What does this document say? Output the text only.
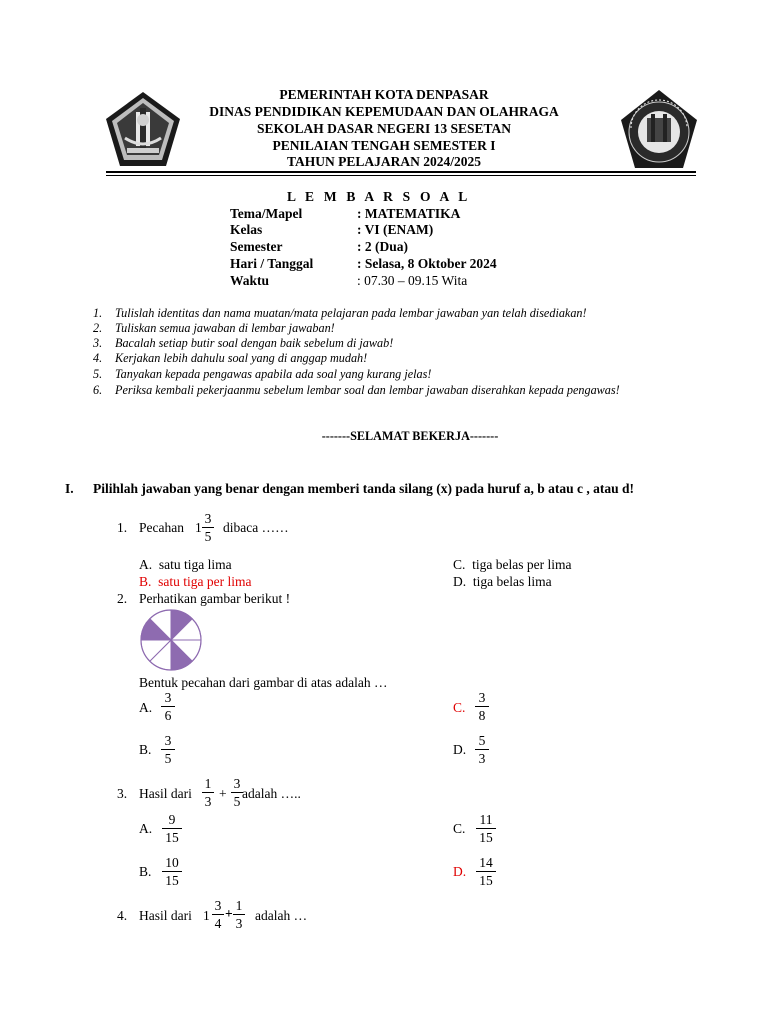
PEMERINTAH KOTA DENPASAR
DINAS PENDIDIKAN KEPEMUDAAN DAN OLAHRAGA
SEKOLAH DASAR NEGERI 13 SESETAN
PENILAIAN TENGAH SEMESTER I
TAHUN PELAJARAN 2024/2025
L E M B A R S O A L
Tema/Mapel	: MATEMATIKA
Kelas	: VI (ENAM)
Semester	: 2 (Dua)
Hari / Tanggal	: Selasa, 8 Oktober 2024
Waktu	: 07.30 – 09.15 Wita
1. Tulislah identitas dan nama muatan/mata pelajaran pada lembar jawaban yan telah disediakan!
2. Tuliskan semua jawaban di lembar jawaban!
3. Bacalah setiap butir soal dengan baik sebelum di jawab!
4. Kerjakan lebih dahulu soal yang di anggap mudah!
5. Tanyakan kepada pengawas apabila ada soal yang kurang jelas!
6. Periksa kembali pekerjaanmu sebelum lembar soal dan lembar jawaban diserahkan kepada pengawas!
-------SELAMAT BEKERJA-------
I. Pilihlah jawaban yang benar dengan memberi tanda silang (x) pada huruf a, b atau c , atau d!
1. Pecahan 1
3
5
dibaca ……
A. satu tiga lima
B. satu tiga per lima
C. tiga belas per lima
D. tiga belas lima
2. Perhatikan gambar berikut !
Bentuk pecahan dari gambar di atas adalah …
A.
3
6
B.
3
5
C.
3
8
D.
5
3
3. Hasil dari
1
3
+
3
5
adalah …..
A.
9
15
B.
10
15
C.
11
15
D.
14
15
4. Hasil dari 1
3
4
+
1
3
adalah …
